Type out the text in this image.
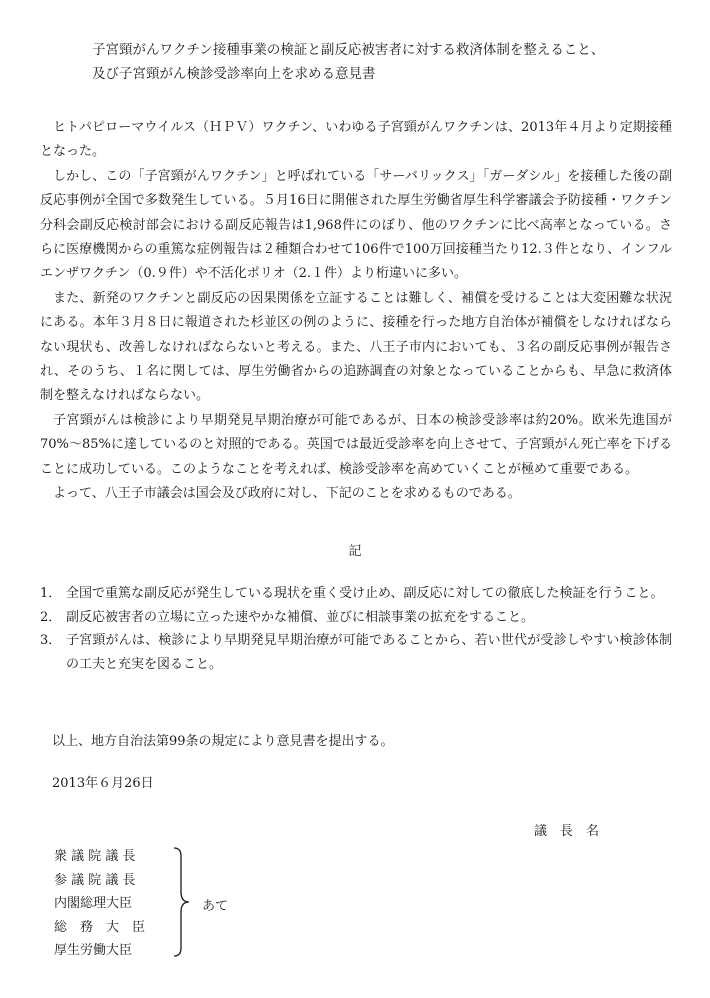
子宮頸がんワクチン接種事業の検証と副反応被害者に対する救済体制を整えること、
及び子宮頸がん検診受診率向上を求める意見書

ヒトパピローマウイルス（ＨＰＶ）ワクチン、いわゆる子宮頸がんワクチンは、2013年４月より定期接種となった。

しかし、この「子宮頸がんワクチン」と呼ばれている「サーバリックス」「ガーダシル」を接種した後の副反応事例が全国で多数発生している。５月16日に開催された厚生労働省厚生科学審議会予防接種・ワクチン分科会副反応検討部会における副反応報告は1,968件にのぼり、他のワクチンに比べ高率となっている。さらに医療機関からの重篤な症例報告は２種類合わせて106件で100万回接種当たり12.３件となり、インフルエンザワクチン（0.９件）や不活化ポリオ（2.１件）より桁違いに多い。

また、新発のワクチンと副反応の因果関係を立証することは難しく、補償を受けることは大変困難な状況にある。本年３月８日に報道された杉並区の例のように、接種を行った地方自治体が補償をしなければならない現状も、改善しなければならないと考える。また、八王子市内においても、３名の副反応事例が報告され、そのうち、１名に関しては、厚生労働省からの追跡調査の対象となっていることからも、早急に救済体制を整えなければならない。

子宮頸がんは検診により早期発見早期治療が可能であるが、日本の検診受診率は約20%。欧米先進国が70%～85%に達しているのと対照的である。英国では最近受診率を向上させて、子宮頸がん死亡率を下げることに成功している。このようなことを考えれば、検診受診率を高めていくことが極めて重要である。

よって、八王子市議会は国会及び政府に対し、下記のことを求めるものである。

記
1． 全国で重篤な副反応が発生している現状を重く受け止め、副反応に対しての徹底した検証を行うこと。
2． 副反応被害者の立場に立った速やかな補償、並びに相談事業の拡充をすること。
3． 子宮頸がんは、検診により早期発見早期治療が可能であることから、若い世代が受診しやすい検診体制の工夫と充実を図ること。
以上、地方自治法第99条の規定により意見書を提出する。
2013年６月26日
議　長　名
衆 議 院 議 長
参 議 院 議 長
内閣総理大臣
総　務　大　臣
厚生労働大臣
あて
